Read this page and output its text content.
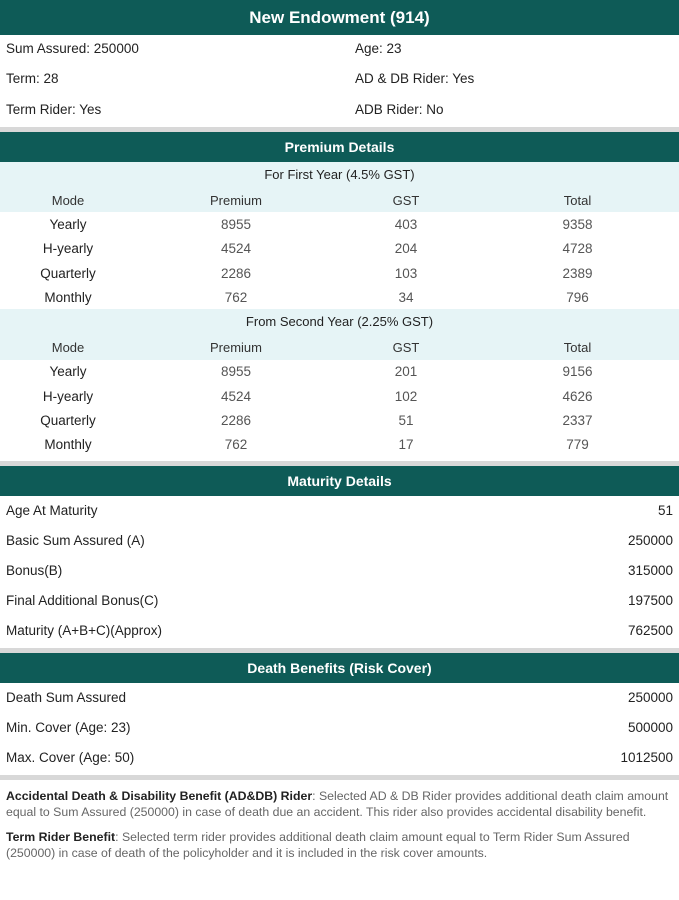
New Endowment (914)
Sum Assured: 250000	Age: 23
Term: 28	AD & DB Rider: Yes
Term Rider: Yes	ADB Rider: No
Premium Details
For First Year (4.5% GST)
Mode	Premium	GST	Total
Yearly	8955	403	9358
H-yearly	4524	204	4728
Quarterly	2286	103	2389
Monthly	762	34	796
From Second Year (2.25% GST)
Mode	Premium	GST	Total
Yearly	8955	201	9156
H-yearly	4524	102	4626
Quarterly	2286	51	2337
Monthly	762	17	779
Maturity Details
Age At Maturity	51
Basic Sum Assured (A)	250000
Bonus(B)	315000
Final Additional Bonus(C)	197500
Maturity (A+B+C)(Approx)	762500
Death Benefits (Risk Cover)
Death Sum Assured	250000
Min. Cover (Age: 23)	500000
Max. Cover (Age: 50)	1012500

Accidental Death & Disability Benefit (AD&DB) Rider: Selected AD & DB Rider provides additional death claim amount equal to Sum Assured (250000) in case of death due an accident. This rider also provides accidental disability benefit.

Term Rider Benefit: Selected term rider provides additional death claim amount equal to Term Rider Sum Assured (250000) in case of death of the policyholder and it is included in the risk cover amounts.
